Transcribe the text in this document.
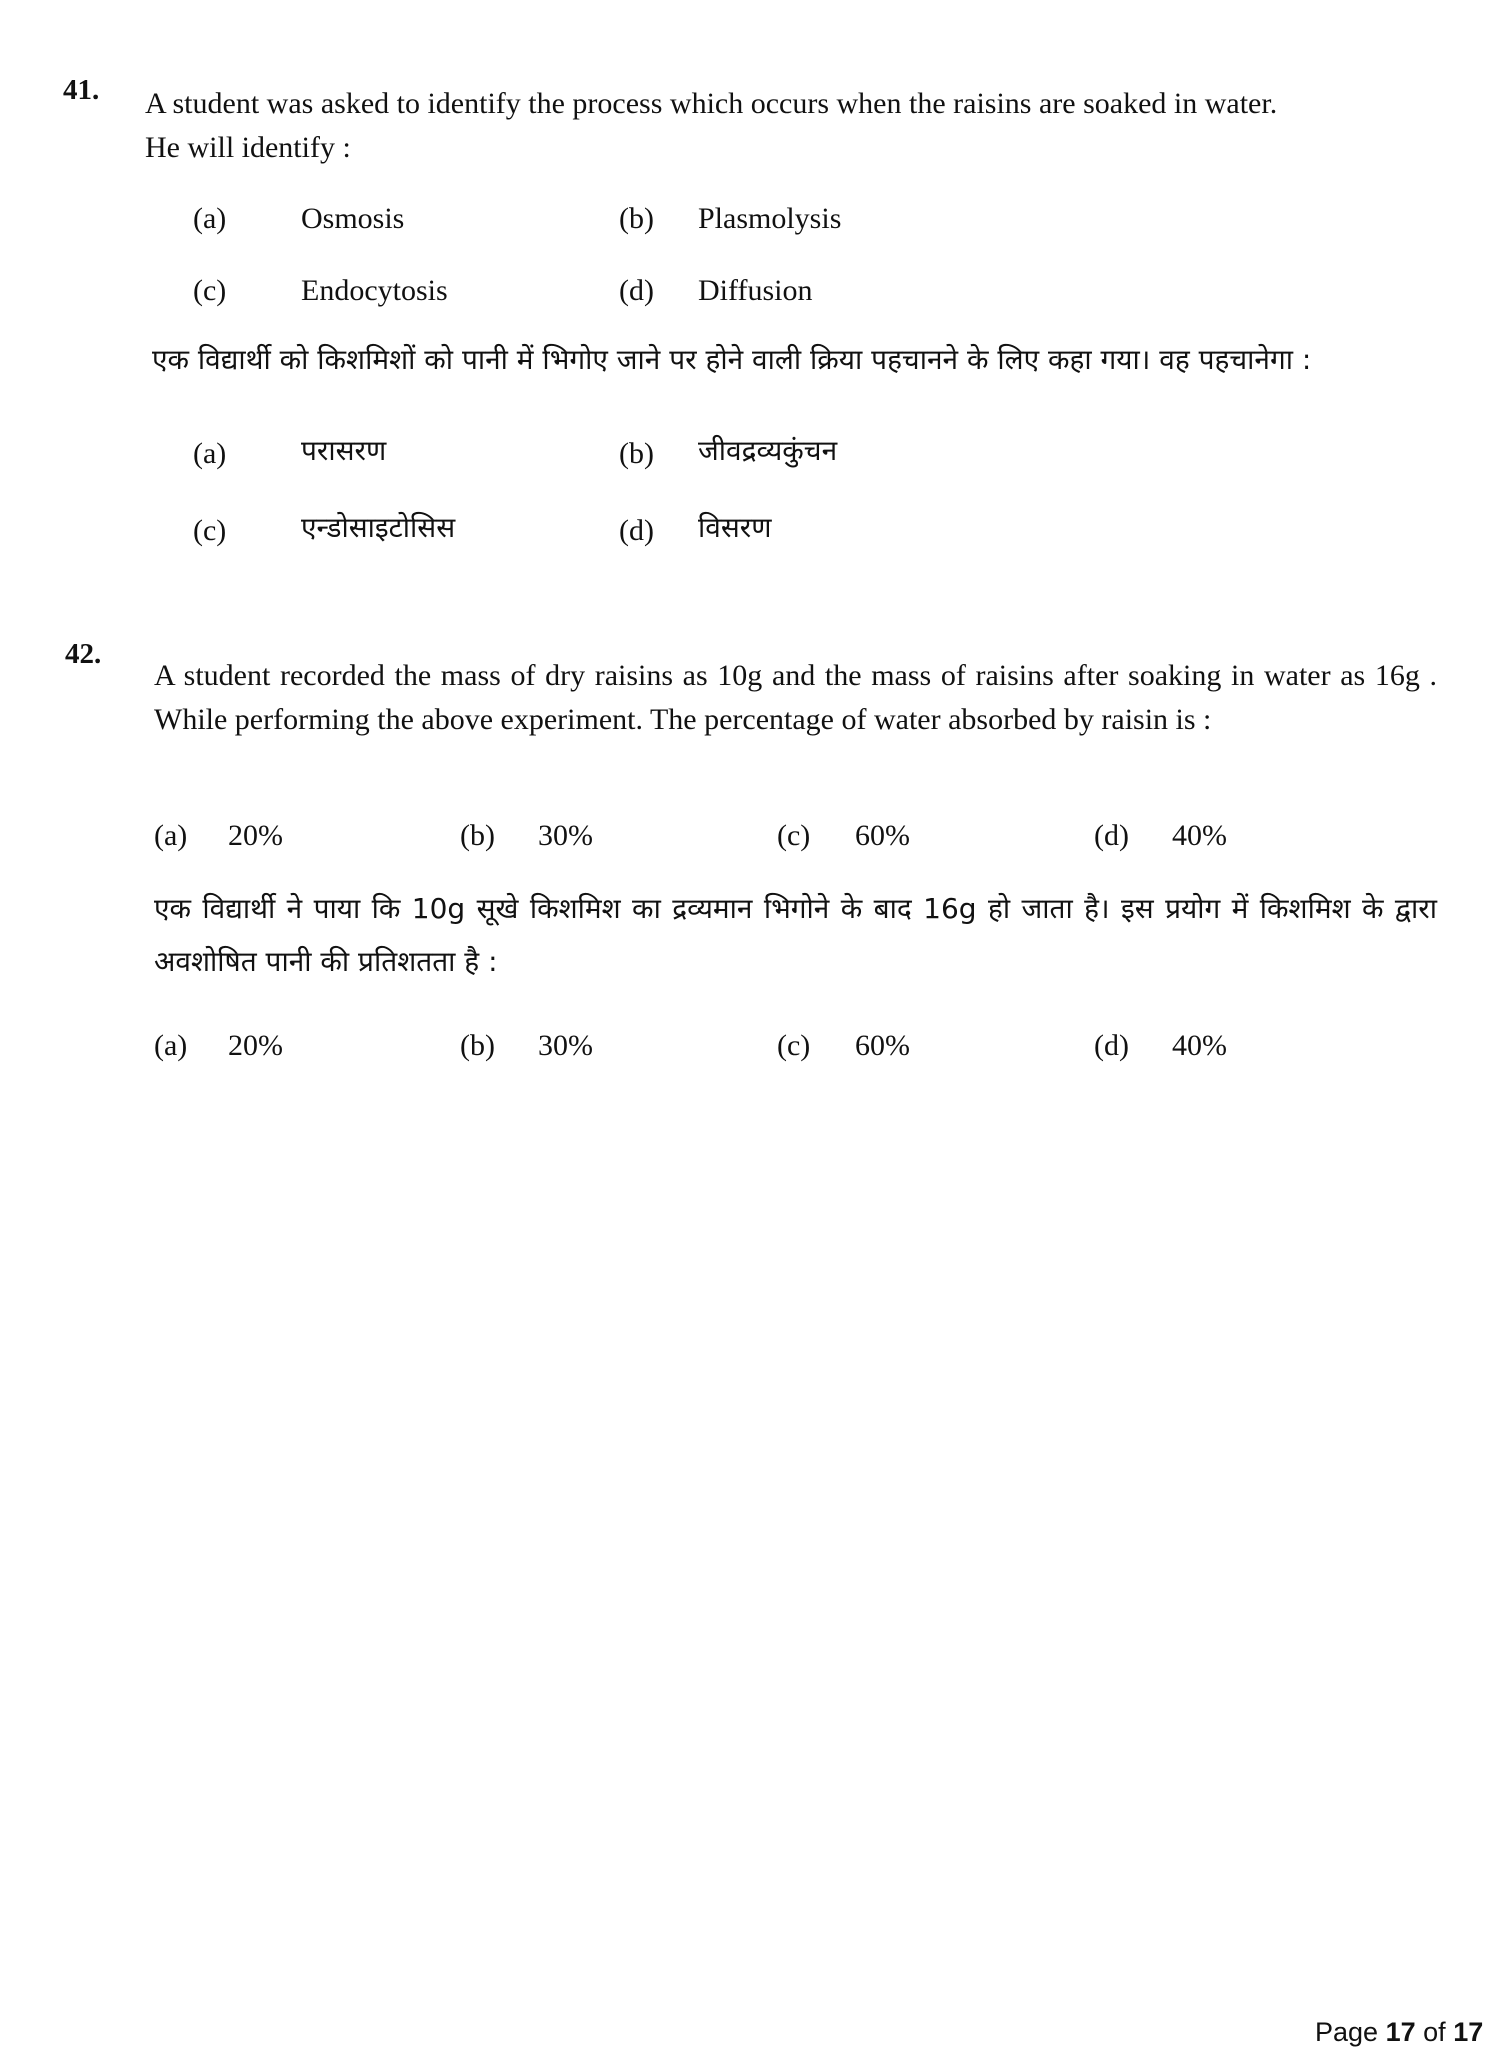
41. A student was asked to identify the process which occurs when the raisins are soaked in water.
He will identify :
(a) Osmosis	(b) Plasmolysis
(c) Endocytosis	(d) Diffusion
एक विद्यार्थी को किशमिशों को पानी में भिगोए जाने पर होने वाली क्रिया पहचानने के लिए कहा गया। वह पहचानेगा :
(a)	परासरण	(b) जीवद्रव्यकुंचन
(c)	एन्डोसाइटोसिस	(d) विसरण
42.
A student recorded the mass of dry raisins as 10g and the mass of raisins after soaking in water as 16g . While performing the above experiment. The percentage of water absorbed by raisin is :
(a) 20%	(b) 30%	(c) 60%	(d) 40%
एक विद्यार्थी ने पाया कि 10g सूखे किशमिश का द्रव्यमान भिगोने के बाद 16g हो जाता है। इस प्रयोग में किशमिश के द्वारा अवशोषित पानी की प्रतिशतता है :
(a) 20%	(b) 30%	(c) 60%	(d) 40%
Page 17 of 17
